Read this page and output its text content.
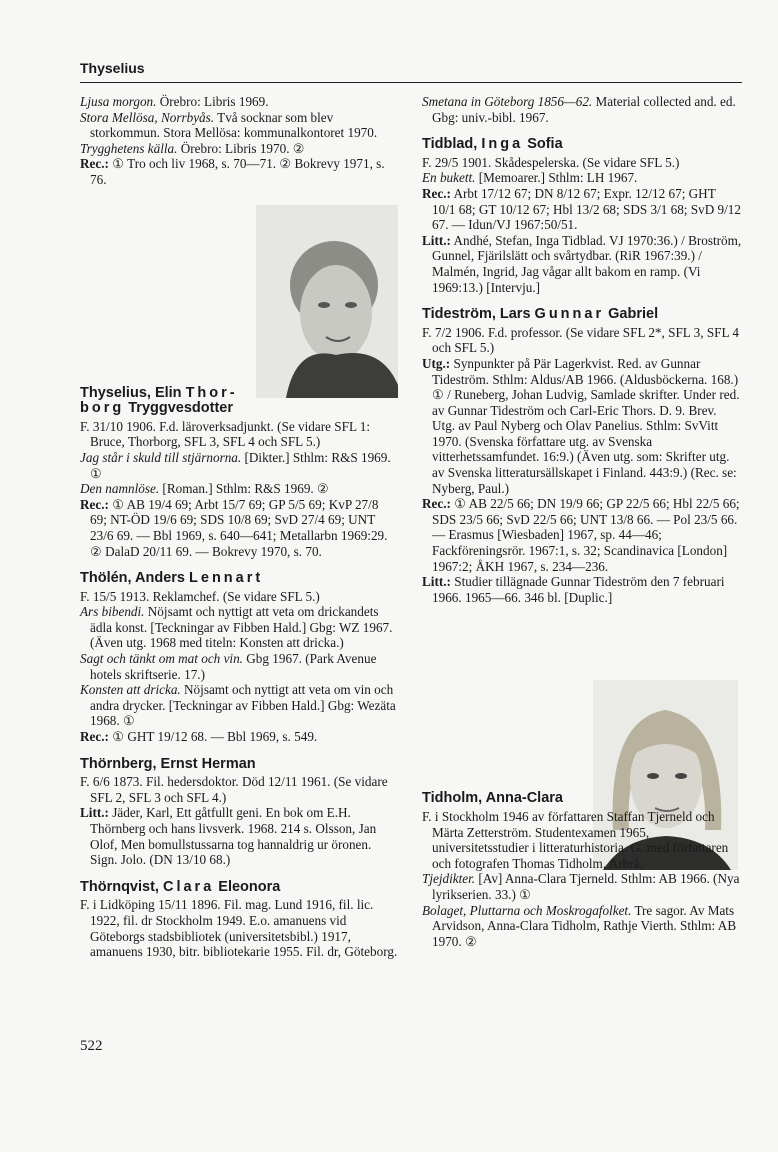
Thyselius

Ljusa morgon. Örebro: Libris 1969.

Stora Mellösa, Norrbyås. Två socknar som blev storkommun. Stora Mellösa: kommunalkontoret 1970.

Trygghetens källa. Örebro: Libris 1970. ②

Rec.: ① Tro och liv 1968, s. 70—71. ② Bokrevy 1971, s. 76.

Thyselius, Elin Thor-
borg Tryggvesdotter

F. 31/10 1906. F.d. läroverksadjunkt. (Se vidare SFL 1: Bruce, Thorborg, SFL 3, SFL 4 och SFL 5.)

Jag står i skuld till stjärnorna. [Dikter.] Sthlm: R&S 1969. ①

Den namnlöse. [Roman.] Sthlm: R&S 1969. ②

Rec.: ① AB 19/4 69; Arbt 15/7 69; GP 5/5 69; KvP 27/8 69; NT-ÖD 19/6 69; SDS 10/8 69; SvD 27/4 69; UNT 23/6 69. — Bbl 1969, s. 640—641; Metallarbn 1969:29. ② DalaD 20/11 69. — Bokrevy 1970, s. 70.

Thölén, Anders Lennart

F. 15/5 1913. Reklamchef. (Se vidare SFL 5.)

Ars bibendi. Nöjsamt och nyttigt att veta om drickandets ädla konst. [Teckningar av Fibben Hald.] Gbg: WZ 1967. (Även utg. 1968 med titeln: Konsten att dricka.)

Sagt och tänkt om mat och vin. Gbg 1967. (Park Avenue hotels skriftserie. 17.)

Konsten att dricka. Nöjsamt och nyttigt att veta om vin och andra drycker. [Teckningar av Fibben Hald.] Gbg: Wezäta 1968. ①

Rec.: ① GHT 19/12 68. — Bbl 1969, s. 549.

Thörnberg, Ernst Herman

F. 6/6 1873. Fil. hedersdoktor. Död 12/11 1961. (Se vidare SFL 2, SFL 3 och SFL 4.)

Litt.: Jäder, Karl, Ett gåtfullt geni. En bok om E.H. Thörnberg och hans livsverk. 1968. 214 s. Olsson, Jan Olof, Men bomullstussarna tog hannaldrig ur öronen. Sign. Jolo. (DN 13/10 68.)

Thörnqvist, Clara Eleonora

F. i Lidköping 15/11 1896. Fil. mag. Lund 1916, fil. lic. 1922, fil. dr Stockholm 1949. E.o. amanuens vid Göteborgs stadsbibliotek (universitetsbibl.) 1917, amanuens 1930, bitr. bibliotekarie 1955. Fil. dr, Göteborg.

Smetana in Göteborg 1856—62. Material collected and. ed. Gbg: univ.-bibl. 1967.

Tidblad, Inga Sofia

F. 29/5 1901. Skådespelerska. (Se vidare SFL 5.)

En bukett. [Memoarer.] Sthlm: LH 1967.

Rec.: Arbt 17/12 67; DN 8/12 67; Expr. 12/12 67; GHT 10/1 68; GT 10/12 67; Hbl 13/2 68; SDS 3/1 68; SvD 9/12 67. — Idun/VJ 1967:50/51.

Litt.: Andhé, Stefan, Inga Tidblad. VJ 1970:36.) / Broström, Gunnel, Fjärilslätt och svårtydbar. (RiR 1967:39.) / Malmén, Ingrid, Jag vågar allt bakom en ramp. (Vi 1969:13.) [Intervju.]

Tideström, Lars Gunnar Gabriel

F. 7/2 1906. F.d. professor. (Se vidare SFL 2*, SFL 3, SFL 4 och SFL 5.)

Utg.: Synpunkter på Pär Lagerkvist. Red. av Gunnar Tideström. Sthlm: Aldus/AB 1966. (Aldusböckerna. 168.) ① / Runeberg, Johan Ludvig, Samlade skrifter. Under red. av Gunnar Tideström och Carl-Eric Thors. D. 9. Brev. Utg. av Paul Nyberg och Olav Panelius. Sthlm: SvVitt 1970. (Svenska författare utg. av Svenska vitterhetssamfundet. 16:9.) (Även utg. som: Skrifter utg. av Svenska litteratursällskapet i Finland. 443:9.) (Rec. se: Nyberg, Paul.)

Rec.: ① AB 22/5 66; DN 19/9 66; GP 22/5 66; Hbl 22/5 66; SDS 23/5 66; SvD 22/5 66; UNT 13/8 66. — Pol 23/5 66. — Erasmus [Wiesbaden] 1967, sp. 44—46; Fackföreningsrör. 1967:1, s. 32; Scandinavica [London] 1967:2; ÅKH 1967, s. 234—236.

Litt.: Studier tillägnade Gunnar Tideström den 7 februari 1966. 1965—66. 346 bl. [Duplic.]

Tidholm, Anna-Clara

F. i Stockholm 1946 av författaren Staffan Tjerneld och Märta Zetterström. Studentexamen 1965, universitetsstudier i litteraturhistoria. G. med författaren och fotografen Thomas Tidholm, Arbrå.

Tjejdikter. [Av] Anna-Clara Tjerneld. Sthlm: AB 1966. (Nya lyrikserien. 33.) ①

Bolaget, Pluttarna och Moskrogafolket. Tre sagor. Av Mats Arvidson, Anna-Clara Tidholm, Rathje Vierth. Sthlm: AB 1970. ②

522
